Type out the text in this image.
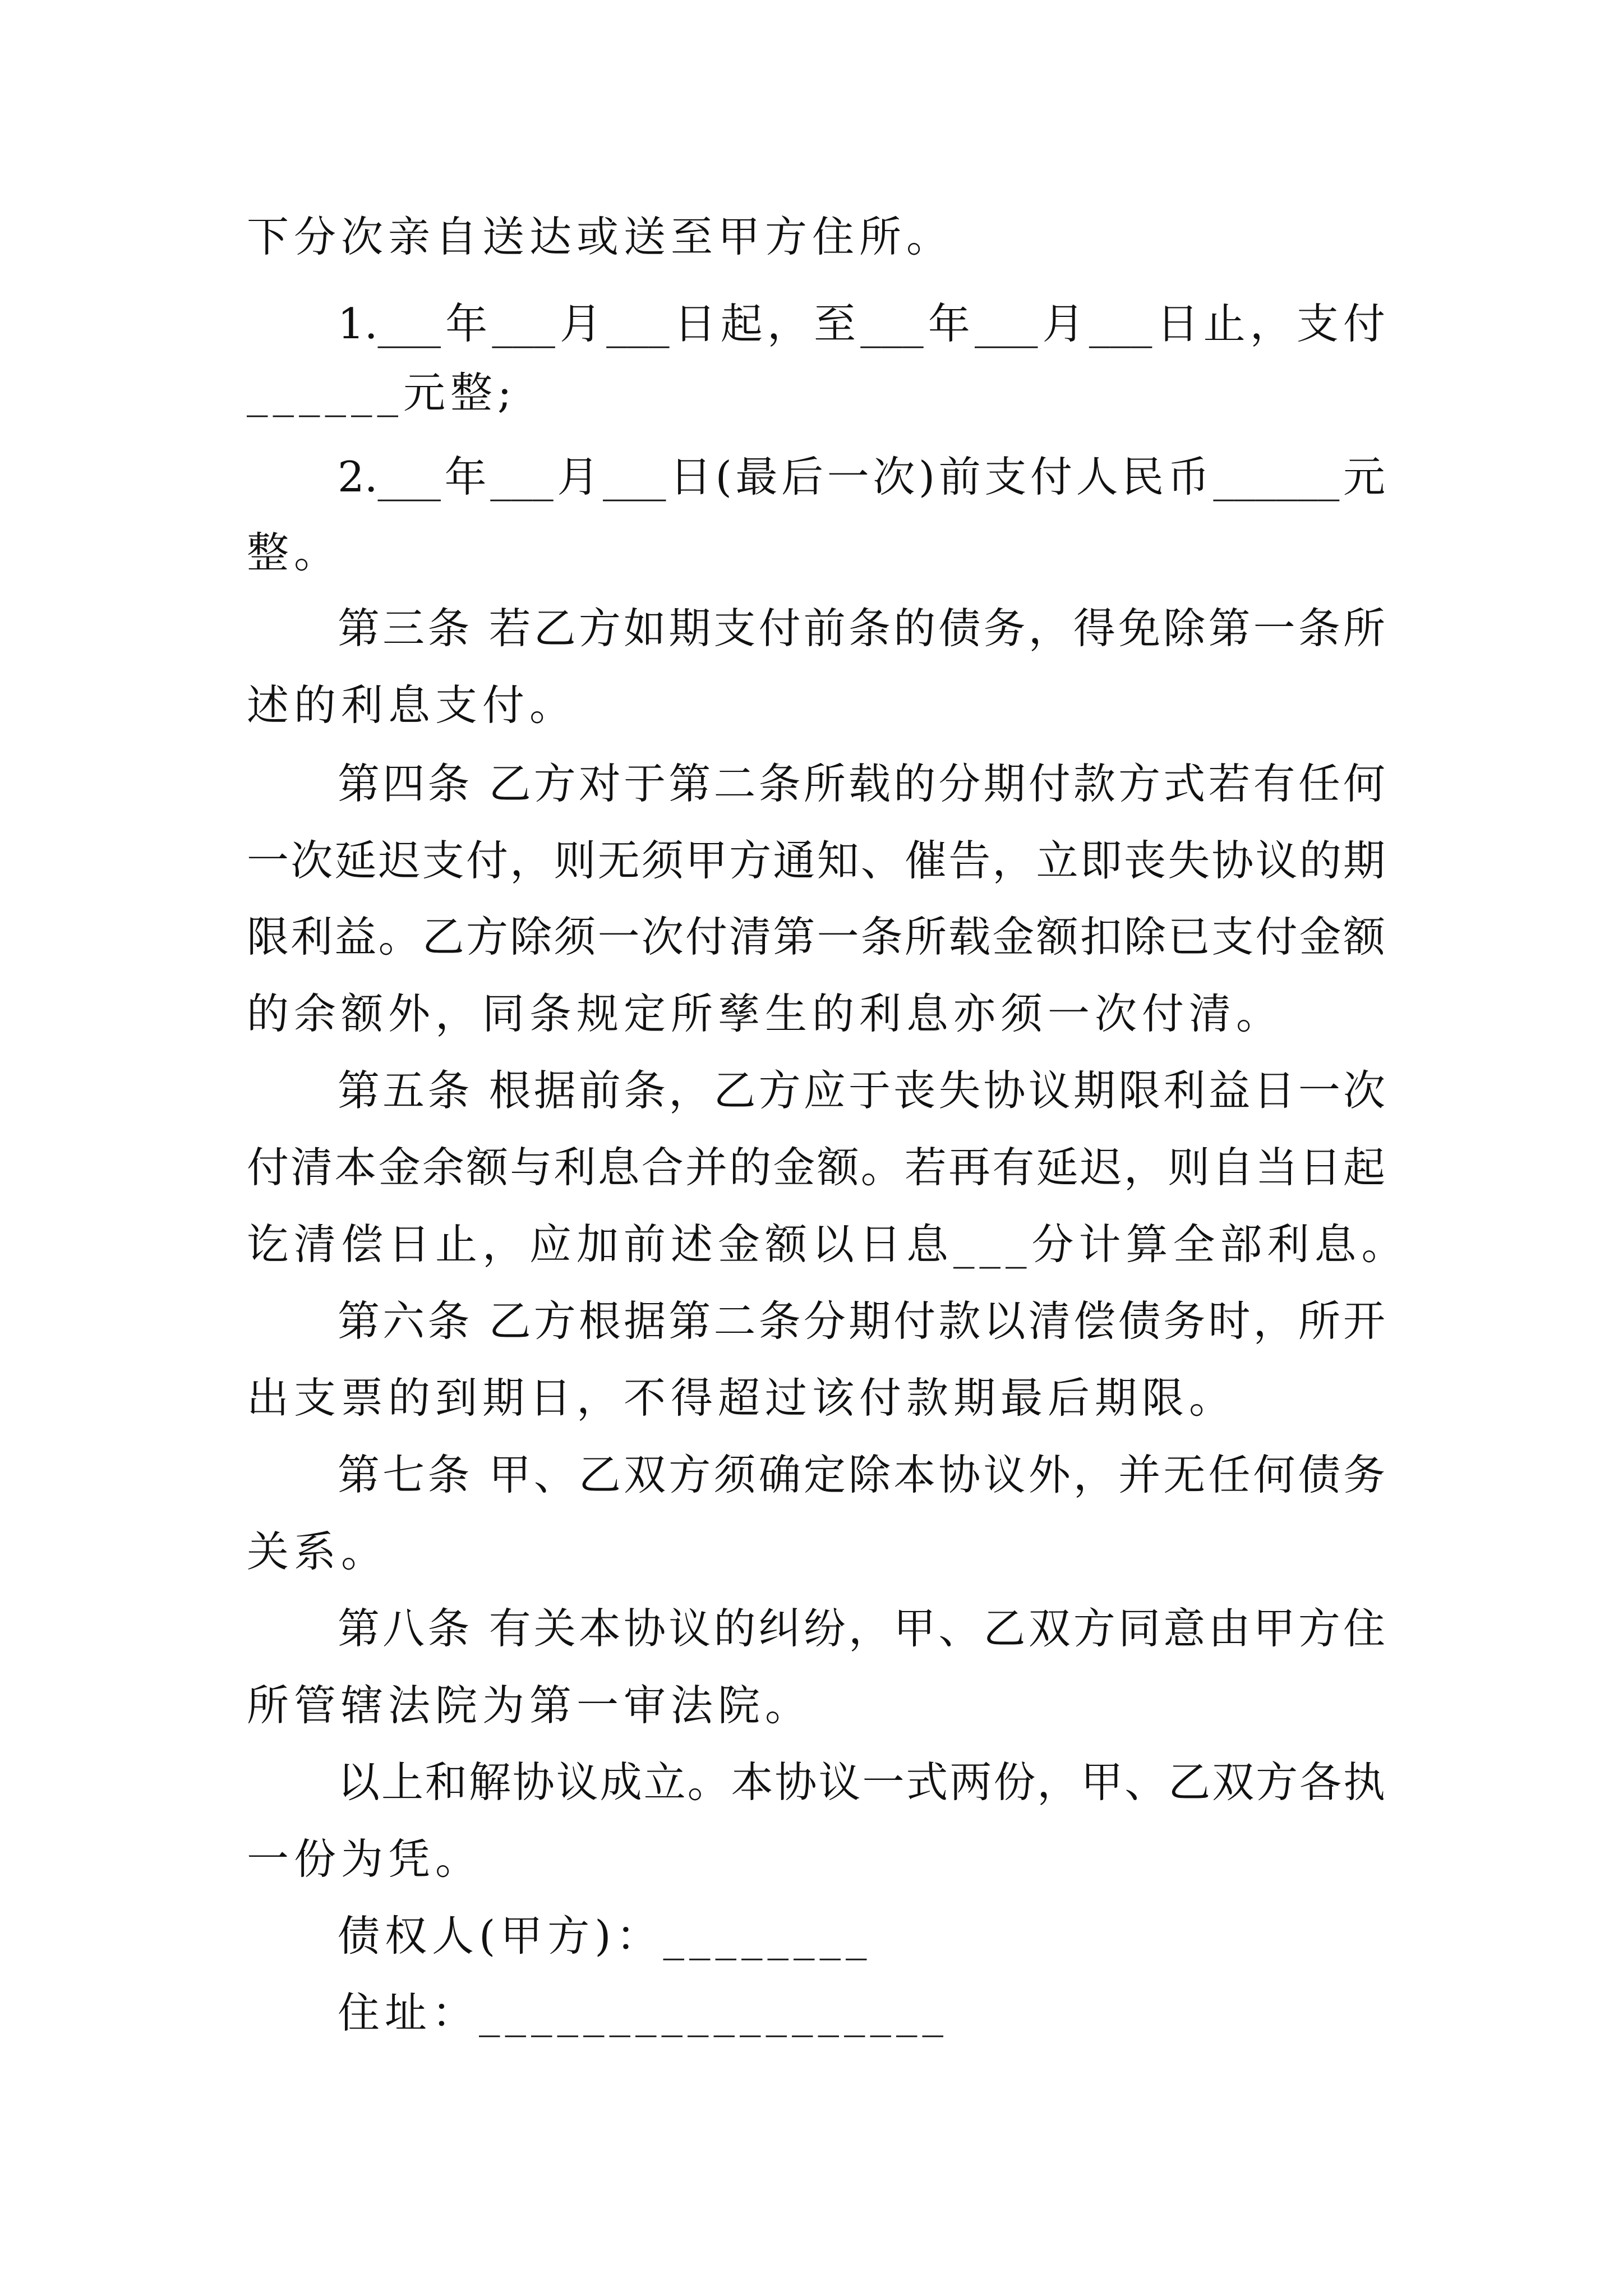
下分次亲自送达或送至甲方住所。
1.___年___月___日起，至___年___月___日止，支付
______元整;
2.___年___月___日(最后一次)前支付人民币______元
整。
第三条 若乙方如期支付前条的债务，得免除第一条所
述的利息支付。
第四条 乙方对于第二条所载的分期付款方式若有任何
一次延迟支付，则无须甲方通知、催告，立即丧失协议的期
限利益。乙方除须一次付清第一条所载金额扣除已支付金额
的余额外，同条规定所孳生的利息亦须一次付清。
第五条 根据前条，乙方应于丧失协议期限利益日一次
付清本金余额与利息合并的金额。若再有延迟，则自当日起
讫清偿日止，应加前述金额以日息___分计算全部利息。
第六条 乙方根据第二条分期付款以清偿债务时，所开
出支票的到期日，不得超过该付款期最后期限。
第七条 甲、乙双方须确定除本协议外，并无任何债务
关系。
第八条 有关本协议的纠纷，甲、乙双方同意由甲方住
所管辖法院为第一审法院。
以上和解协议成立。本协议一式两份，甲、乙双方各执
一份为凭。
债权人(甲方)：________
住址：__________________
